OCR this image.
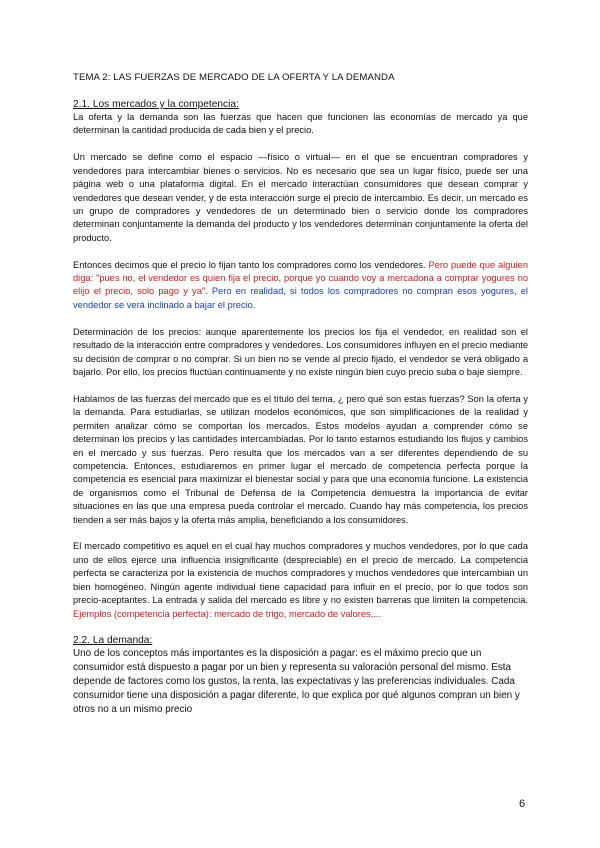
TEMA 2: LAS FUERZAS DE MERCADO DE LA OFERTA Y LA DEMANDA
2.1. Los mercados y la competencia:

La oferta y la demanda son las fuerzas que hacen que funcionen las economías de mercado ya que determinan la cantidad producida de cada bien y el precio.

Un mercado se define como el espacio —físico o virtual— en el que se encuentran compradores y vendedores para intercambiar bienes o servicios. No es necesario que sea un lugar físico, puede ser una página web o una plataforma digital. En el mercado interactúan consumidores que desean comprar y vendedores que desean vender, y de esta interacción surge el precio de intercambio. Es decir, un mercado es un grupo de compradores y vendedores de un determinado bien o servicio donde los compradores determinan conjuntamente la demanda del producto y los vendedores determinan conjuntamente la oferta del producto.

Entonces decimos que el precio lo fijan tanto los compradores como los vendedores. Pero puede que alguien diga: "pues no, el vendedor es quien fija el precio, porque yo cuando voy a mercadona a comprar yogures no elijo el precio, solo pago y ya". Pero en realidad, si todos los compradores no compran esos yogures, el vendedor se verá inclinado a bajar el precio.

Determinación de los precios: aunque aparentemente los precios los fija el vendedor, en realidad son el resultado de la interacción entre compradores y vendedores. Los consumidores influyen en el precio mediante su decisión de comprar o no comprar. Si un bien no se vende al precio fijado, el vendedor se verá obligado a bajarlo. Por ello, los precios fluctúan continuamente y no existe ningún bien cuyo precio suba o baje siempre.

Hablamos de las fuerzas del mercado que es el título del tema, ¿ pero qué son estas fuerzas? Son la oferta y la demanda. Para estudiarlas, se utilizan modelos económicos, que son simplificaciones de la realidad y permiten analizar cómo se comportan los mercados. Estos modelos ayudan a comprender cómo se determinan los precios y las cantidades intercambiadas. Por lo tanto estamos estudiando los flujos y cambios en el mercado y sus fuerzas. Pero resulta que los mercados van a ser diferentes dependiendo de su competencia. Entonces, estudiaremos en primer lugar el mercado de competencia perfecta porque la competencia es esencial para maximizar el bienestar social y para que una economía funcione. La existencia de organismos como el Tribunal de Defensa de la Competencia demuestra la importancia de evitar situaciones en las que una empresa pueda controlar el mercado. Cuando hay más competencia, los precios tienden a ser más bajos y la oferta más amplia, beneficiando a los consumidores.

El mercado competitivo es aquel en el cual hay muchos compradores y muchos vendedores, por lo que cada uno de ellos ejerce una influencia insignificante (despreciable) en el precio de mercado. La competencia perfecta se caracteriza por la existencia de muchos compradores y muchos vendedores que intercambian un bien homogéneo. Ningún agente individual tiene capacidad para influir en el precio, por lo que todos son precio-aceptantes. La entrada y salida del mercado es libre y no existen barreras que limiten la competencia. Ejemplos (competencia perfecta): mercado de trigo, mercado de valores,...

2.2. La demanda:

Uno de los conceptos más importantes es la disposición a pagar: es el máximo precio que un consumidor está dispuesto a pagar por un bien y representa su valoración personal del mismo. Esta depende de factores como los gustos, la renta, las expectativas y las preferencias individuales. Cada consumidor tiene una disposición a pagar diferente, lo que explica por qué algunos compran un bien y otros no a un mismo precio

6
